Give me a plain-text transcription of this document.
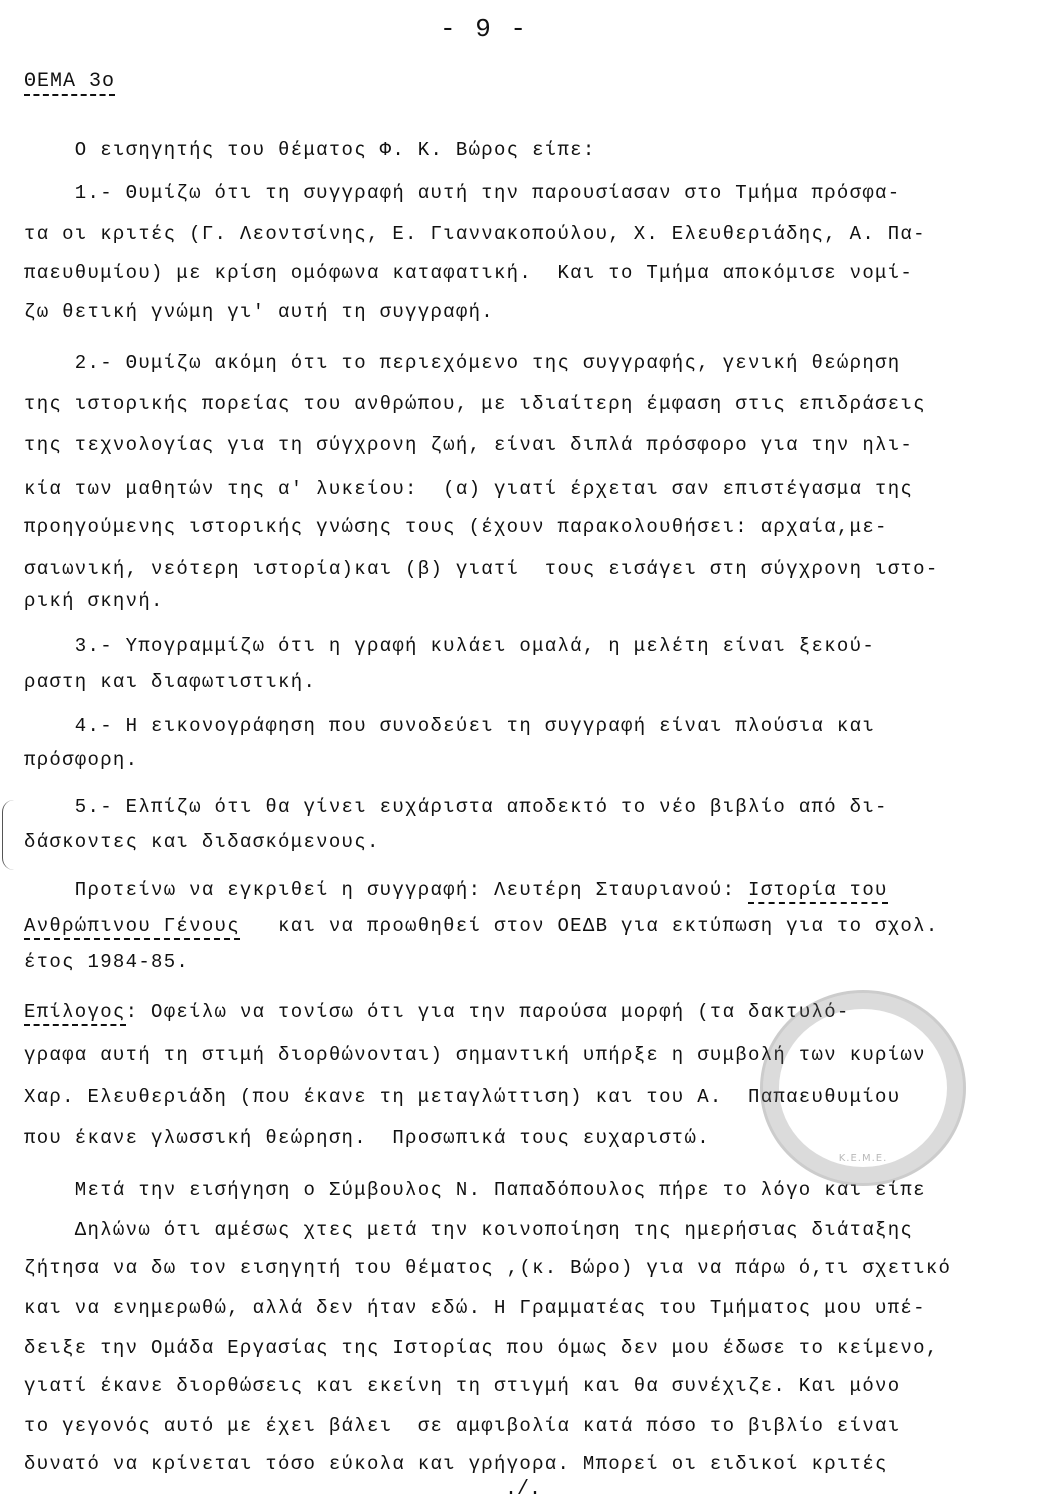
- 9 -
ΘΕΜΑ 3ο
Ο εισηγητής του θέματος Φ. Κ. Βώρος είπε:
1.- Θυμίζω ότι τη συγγραφή αυτή την παρουσίασαν στο Τμήμα πρόσφα-
τα οι κριτές (Γ. Λεοντσίνης, Ε. Γιαννακοπούλου, Χ. Ελευθεριάδης, Α. Πα-
παευθυμίου) με κρίση ομόφωνα καταφατική.  Και το Τμήμα αποκόμισε νομί-
ζω θετική γνώμη γι' αυτή τη συγγραφή.
2.- Θυμίζω ακόμη ότι το περιεχόμενο της συγγραφής, γενική θεώρηση
της ιστορικής πορείας του ανθρώπου, με ιδιαίτερη έμφαση στις επιδράσεις
της τεχνολογίας για τη σύγχρονη ζωή, είναι διπλά πρόσφορο για την ηλι-
κία των μαθητών της α' λυκείου:  (α) γιατί έρχεται σαν επιστέγασμα της
προηγούμενης ιστορικής γνώσης τους (έχουν παρακολουθήσει: αρχαία,με-
σαιωνική, νεότερη ιστορία)και (β) γιατί  τους εισάγει στη σύγχρονη ιστο-
ρική σκηνή.
3.- Υπογραμμίζω ότι η γραφή κυλάει ομαλά, η μελέτη είναι ξεκού-
ραστη και διαφωτιστική.
4.- Η εικονογράφηση που συνοδεύει τη συγγραφή είναι πλούσια και
πρόσφορη.
5.- Ελπίζω ότι θα γίνει ευχάριστα αποδεκτό το νέο βιβλίο από δι-
δάσκοντες και διδασκόμενους.
Προτείνω να εγκριθεί η συγγραφή: Λευτέρη Σταυριανού: Ιστορία του
Ανθρώπινου Γένους   και να προωθηθεί στον ΟΕΔΒ για εκτύπωση για το σχολ.
έτος 1984-85.
Επίλογος: Οφείλω να τονίσω ότι για την παρούσα μορφή (τα δακτυλό-
γραφα αυτή τη στιμή διορθώνονται) σημαντική υπήρξε η συμβολή των κυρίων
Χαρ. Ελευθεριάδη (που έκανε τη μεταγλώττιση) και του Α.  Παπαευθυμίου
που έκανε γλωσσική θεώρηση.  Προσωπικά τους ευχαριστώ.
Μετά την εισήγηση ο Σύμβουλος Ν. Παπαδόπουλος πήρε το λόγο και είπε
Δηλώνω ότι αμέσως χτες μετά την κοινοποίηση της ημερήσιας διάταξης
ζήτησα να δω τον εισηγητή του θέματος ,(κ. Βώρο) για να πάρω ό,τι σχετικό
και να ενημερωθώ, αλλά δεν ήταν εδώ. Η Γραμματέας του Τμήματος μου υπέ-
δειξε την Ομάδα Εργασίας της Ιστορίας που όμως δεν μου έδωσε το κείμενο,
γιατί έκανε διορθώσεις και εκείνη τη στιγμή και θα συνέχιζε. Και μόνο
το γεγονός αυτό με έχει βάλει  σε αμφιβολία κατά πόσο το βιβλίο είναι
δυνατό να κρίνεται τόσο εύκολα και γρήγορα. Μπορεί οι ειδικοί κριτές
Κ.Ε.Μ.Ε.
./.
